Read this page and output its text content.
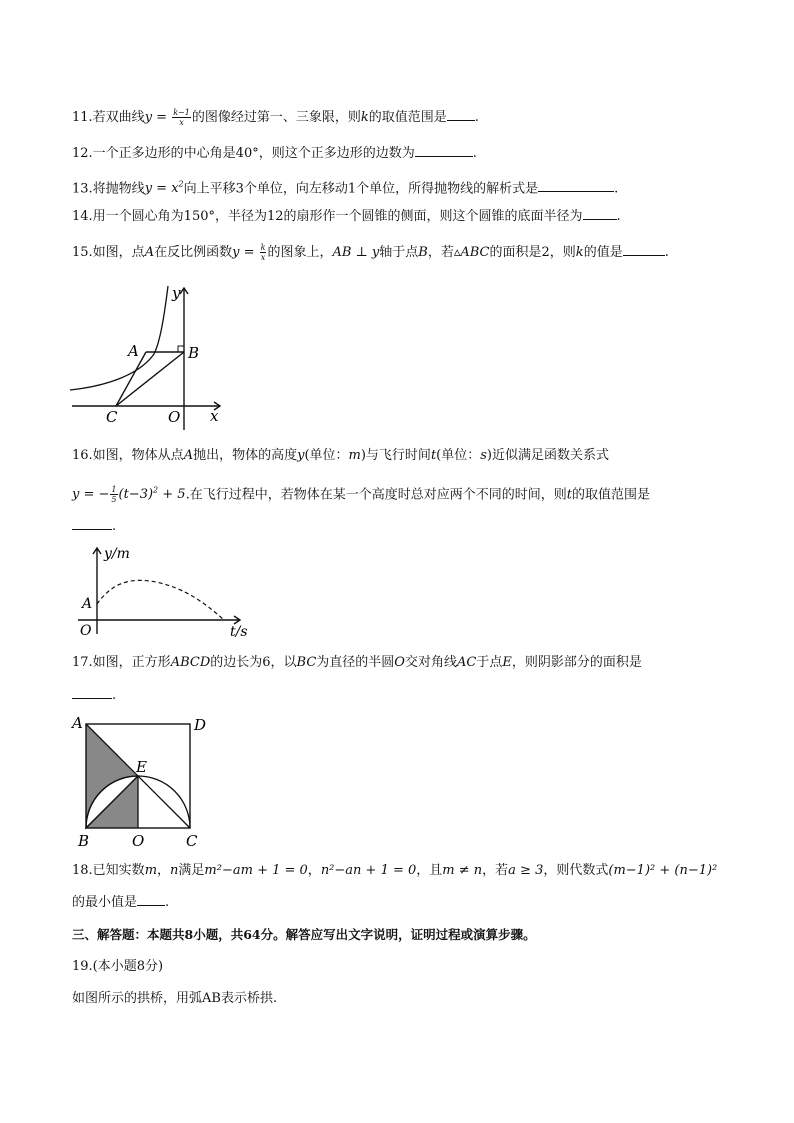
11.若双曲线$y = \frac{k-1}{x}$ 的图像经过第一、三象限，则k的取值范围是 .
12.一个正多边形的中心角是40°，则这个正多边形的边数为	.
13.将抛物线$y = x^2$向上平移3个单位，向左移动1个单位，所得抛物线的解析式是	.
14.用一个圆心角为150°，半径为12的扇形作一个圆锥的侧面，则这个圆锥的底面半径为	.
15.如图，点A在反比例函数$y = \frac{k}{x}$ 的图象上，AB ⊥ y轴于点B，若▵ABC的面积是2，则k的值是	.
y
A	B
C	O x
16.如图，物体从点A抛出，物体的高度y(单位：m)与飞行时间t(单位：s)近似满足函数关系式
y = − $\frac{1}{5} (t-3)^2 + 5$.在飞行过程中，若物体在某一个高度时总对应两个不同的时间，则t的取值范围是
.
y/m
A
O	t/s
17.如图，正方形ABCD的边长为6，以BC为直径的半圆O交对角线AC于点E，则阴影部分的面积是
.
A	D
E
B	O	C
18.已知实数m，n满足m²−am + 1 = 0，n²−an + 1 = 0，且m ≠ n，若a ≥ 3，则代数式(m−1)² + (n−1)²
的最小值是 .
三、解答题：本题共8小题，共64分。解答应写出文字说明，证明过程或演算步骤。
19.(本小题8分)
如图所示的拱桥，用弧AB表示桥拱.
